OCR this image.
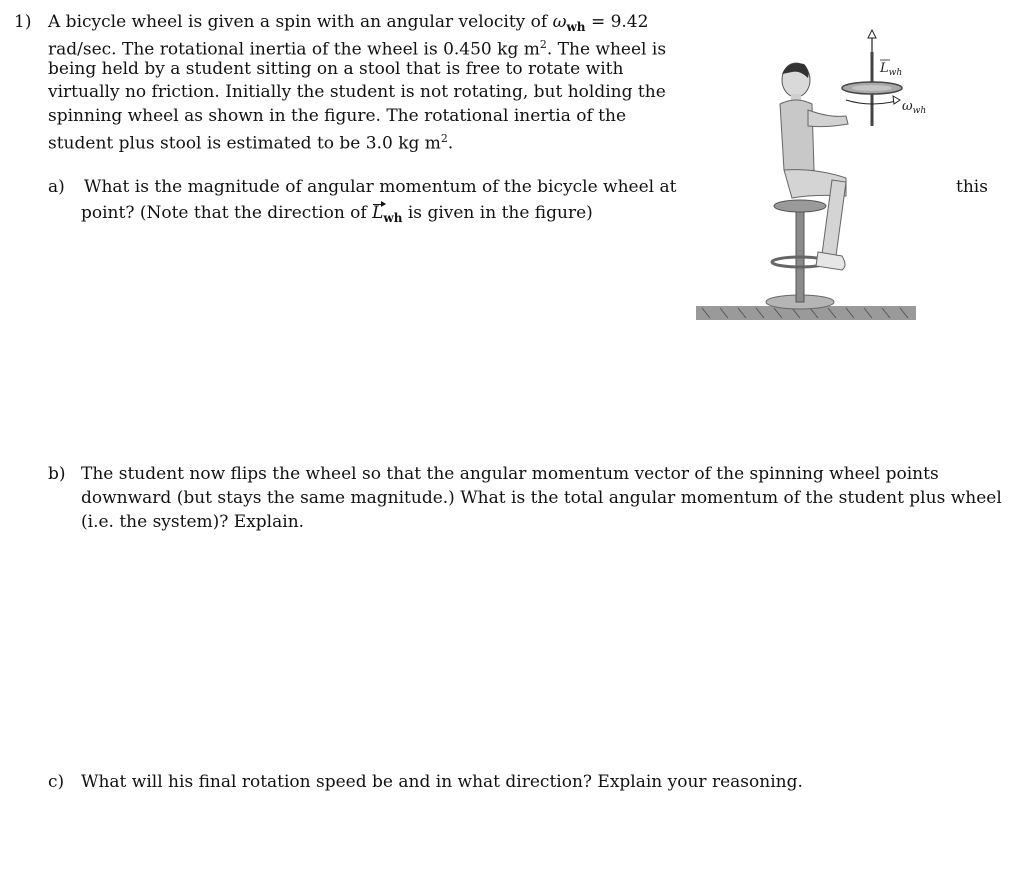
1) A bicycle wheel is given a spin with an angular velocity of $\omega_{wh} = 9.42$
rad/sec. The rotational inertia of the wheel is 0.450 kg $m^2$. The wheel is
being held by a student sitting on a stool that is free to rotate with
virtually no friction. Initially the student is not rotating, but holding the
spinning wheel as shown in the figure. The rotational inertia of the
student plus stool is estimated to be 3.0 kg $m^2$.
a) What is the magnitude of angular momentum of the bicycle wheel at	this
point? (Note that the direction of $L_{wh}$ is given in the figure)
$L_{wh}$
$\omega_{wh}$
b) The student now flips the wheel so that the angular momentum vector of the spinning wheel points
downward (but stays the same magnitude.) What is the total angular momentum of the student plus wheel
(i.e. the system)? Explain.
c) What will his final rotation speed be and in what direction? Explain your reasoning.
